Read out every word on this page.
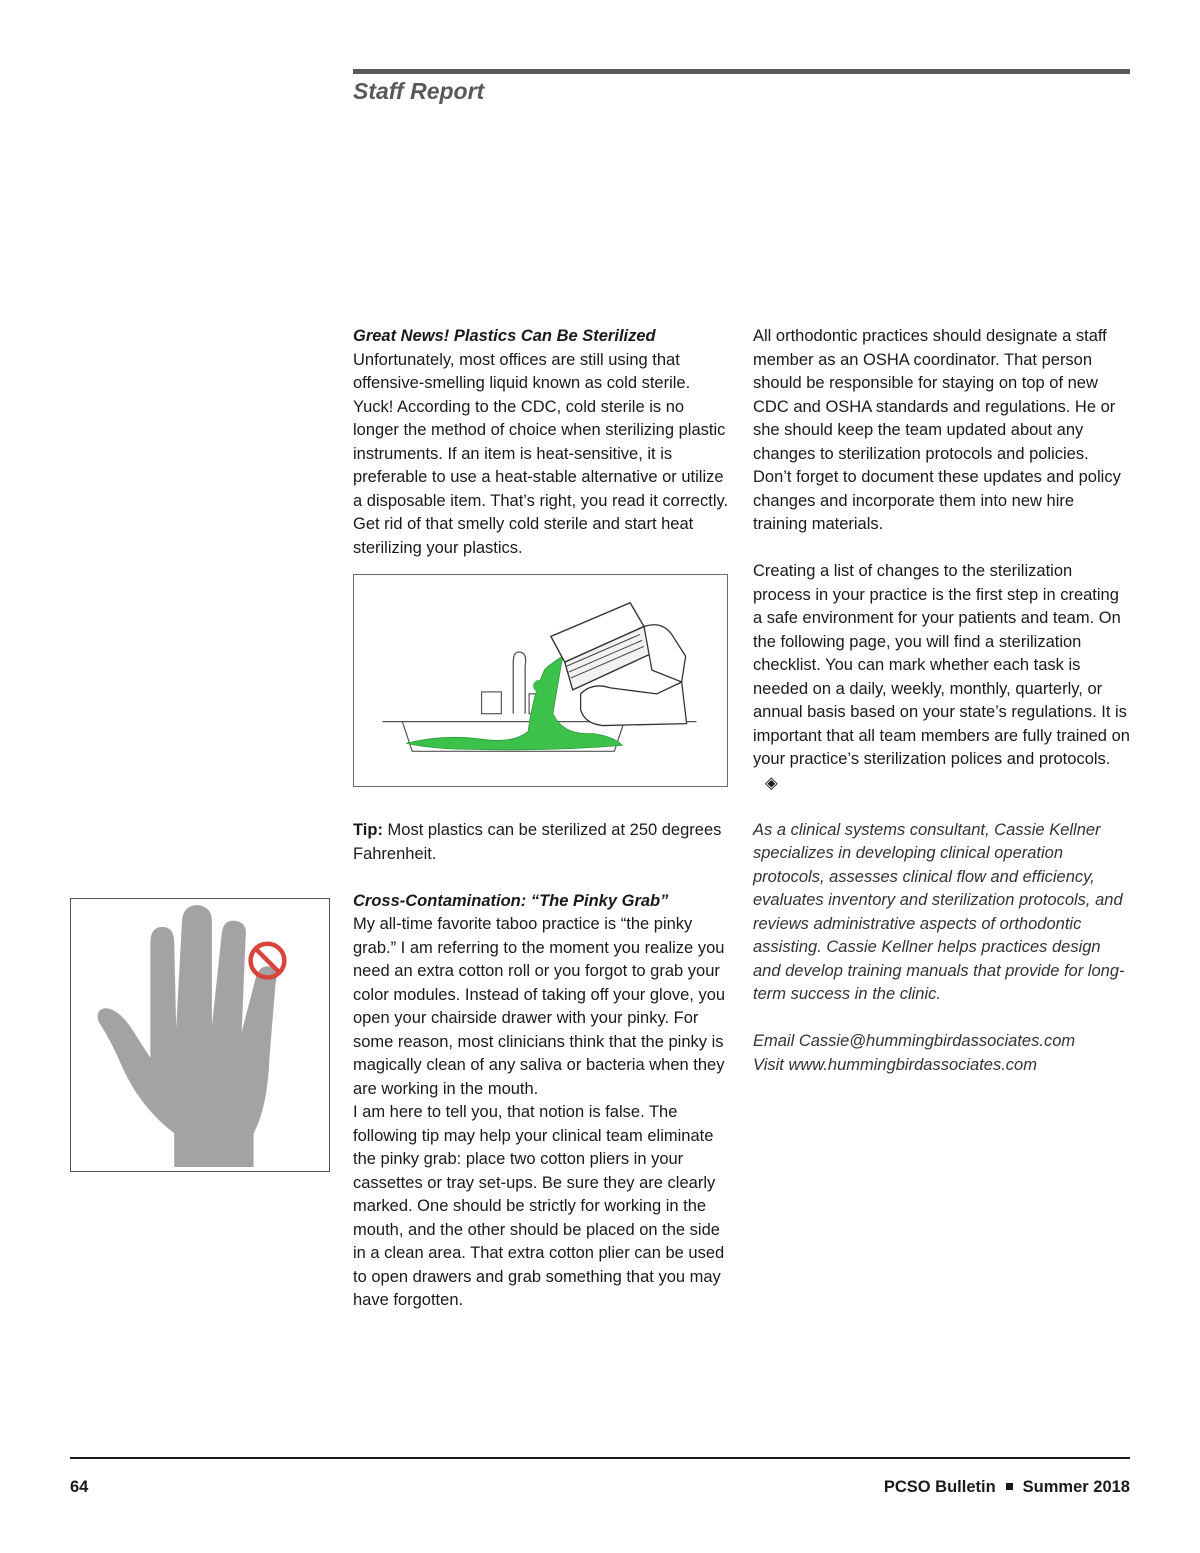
Staff Report
Great News! Plastics Can Be Sterilized

Unfortunately, most offices are still using that offensive-smelling liquid known as cold sterile. Yuck! According to the CDC, cold sterile is no longer the method of choice when sterilizing plastic instruments. If an item is heat-sensitive, it is preferable to use a heat-stable alternative or utilize a disposable item. That’s right, you read it correctly. Get rid of that smelly cold sterile and start heat sterilizing your plastics.

Tip: Most plastics can be sterilized at 250 degrees Fahrenheit.

Cross-Contamination: “The Pinky Grab”

My all-time favorite taboo practice is “the pinky grab.” I am referring to the moment you realize you need an extra cotton roll or you forgot to grab your color modules. Instead of taking off your glove, you open your chairside drawer with your pinky. For some reason, most clinicians think that the pinky is magically clean of any saliva or bacteria when they are working in the mouth.

I am here to tell you, that notion is false. The following tip may help your clinical team eliminate the pinky grab: place two cotton pliers in your cassettes or tray set-ups. Be sure they are clearly marked. One should be strictly for working in the mouth, and the other should be placed on the side in a clean area. That extra cotton plier can be used to open drawers and grab something that you may have forgotten.

All orthodontic practices should designate a staff member as an OSHA coordinator. That person should be responsible for staying on top of new CDC and OSHA standards and regulations. He or she should keep the team updated about any changes to sterilization protocols and policies. Don’t forget to document these updates and policy changes and incorporate them into new hire training materials.

Creating a list of changes to the sterilization process in your practice is the first step in creating a safe environment for your patients and team. On the following page, you will find a sterilization checklist. You can mark whether each task is needed on a daily, weekly, monthly, quarterly, or annual basis based on your state’s regulations. It is important that all team members are fully trained on your practice’s sterilization polices and protocols.◈

As a clinical systems consultant, Cassie Kellner specializes in developing clinical operation protocols, assesses clinical flow and efficiency, evaluates inventory and sterilization protocols, and reviews administrative aspects of orthodontic assisting. Cassie Kellner helps practices design and develop training manuals that provide for long-term success in the clinic.

Email Cassie@hummingbirdassociates.com

Visit www.hummingbirdassociates.com

64	PCSO Bulletin Summer 2018
